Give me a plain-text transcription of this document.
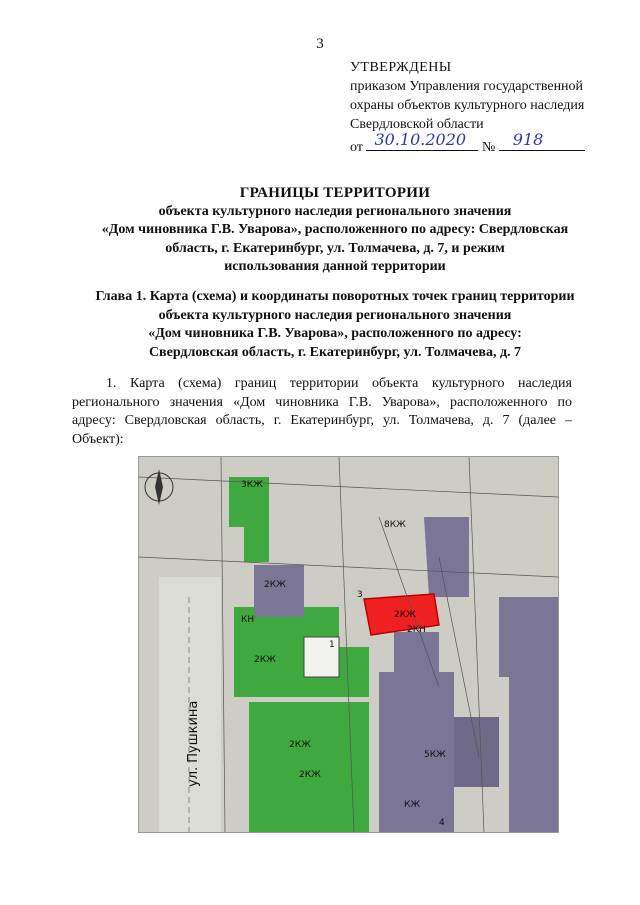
3
УТВЕРЖДЕНЫ
приказом Управления государственной
охраны объектов культурного наследия
Свердловской области
от 30.10.2020 № 918
ГРАНИЦЫ ТЕРРИТОРИИ
объекта культурного наследия регионального значения
«Дом чиновника Г.В. Уварова», расположенного по адресу: Свердловская
область, г. Екатеринбург, ул. Толмачева, д. 7, и режим
использования данной территории
Глава 1. Карта (схема) и координаты поворотных точек границ территории
объекта культурного наследия регионального значения
«Дом чиновника Г.В. Уварова», расположенного по адресу:
Свердловская область, г. Екатеринбург, ул. Толмачева, д. 7
1. Карта (схема) границ территории объекта культурного наследия регионального значения «Дом чиновника Г.В. Уварова», расположенного по адресу: Свердловская область, г. Екатеринбург, ул. Толмачева, д. 7 (далее – Объект):
3КЖ
8КЖ
2КЖ
2КЖ
2КЖ
КН
2КЖ
2КЖ
КЖ
5КЖ
2КН
3
4
1
ул. Пушкина
